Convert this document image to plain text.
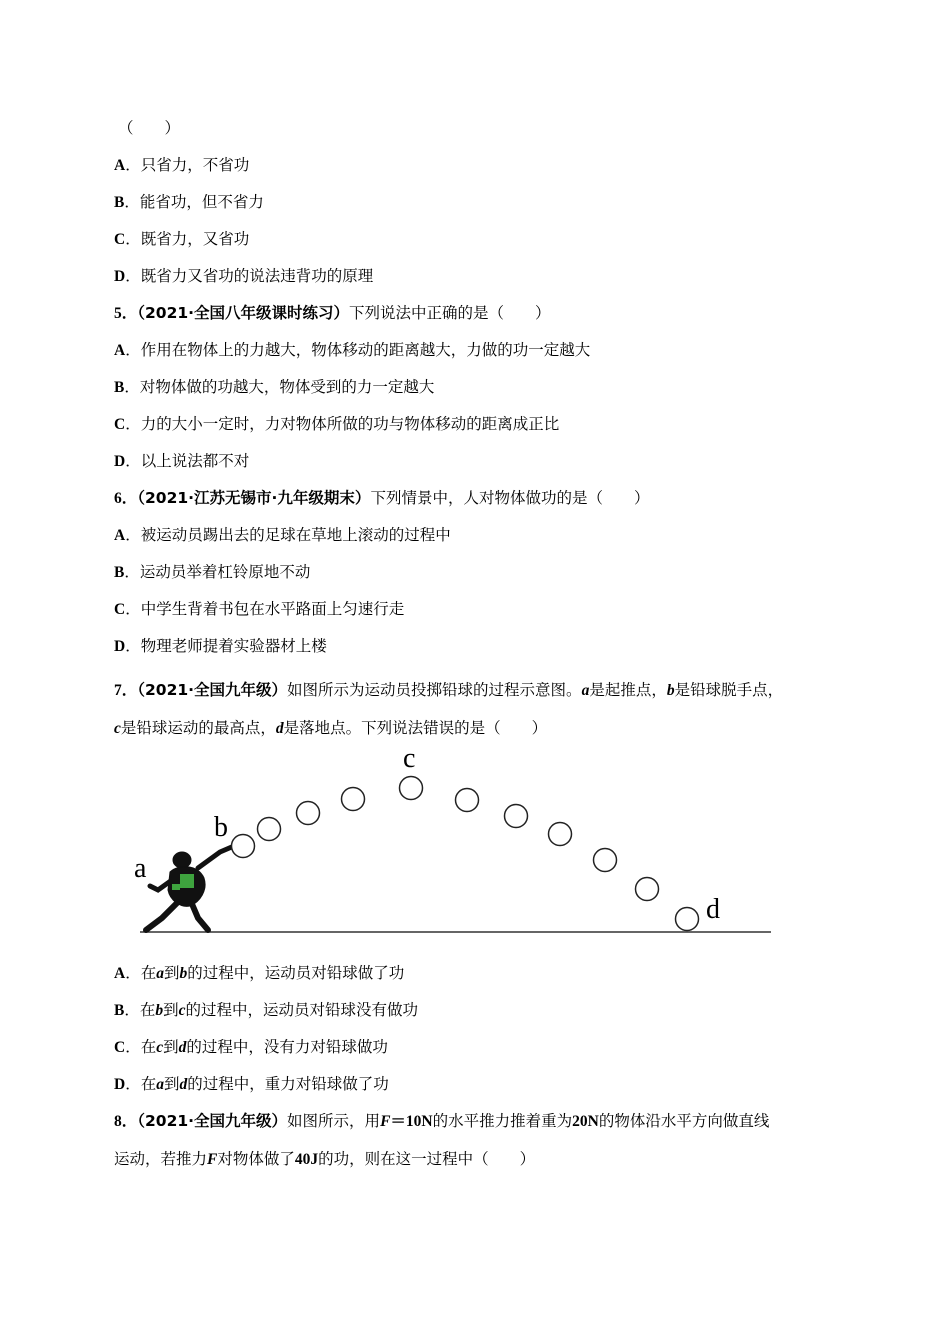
（　　）
A．只省力，不省功
B．能省功，但不省力
C．既省力，又省功
D．既省力又省功的说法违背功的原理
5．（2021·全国八年级课时练习）下列说法中正确的是（　　）
A．作用在物体上的力越大，物体移动的距离越大，力做的功一定越大
B．对物体做的功越大，物体受到的力一定越大
C．力的大小一定时，力对物体所做的功与物体移动的距离成正比
D．以上说法都不对
6．（2021·江苏无锡市·九年级期末）下列情景中，人对物体做功的是（　　）
A．被运动员踢出去的足球在草地上滚动的过程中
B．运动员举着杠铃原地不动
C．中学生背着书包在水平路面上匀速行走
D．物理老师提着实验器材上楼
7．（2021·全国九年级）如图所示为运动员投掷铅球的过程示意图。a是起推点，b是铅球脱手点，
c是铅球运动的最高点，d是落地点。下列说法错误的是（　　）
a
b
c
d
A．在a到b的过程中，运动员对铅球做了功
B．在b到c的过程中，运动员对铅球没有做功
C．在c到d的过程中，没有力对铅球做功
D．在a到d的过程中，重力对铅球做了功
8．（2021·全国九年级）如图所示，用F＝10N的水平推力推着重为20N的物体沿水平方向做直线
运动，若推力F对物体做了40J的功，则在这一过程中（　　）
